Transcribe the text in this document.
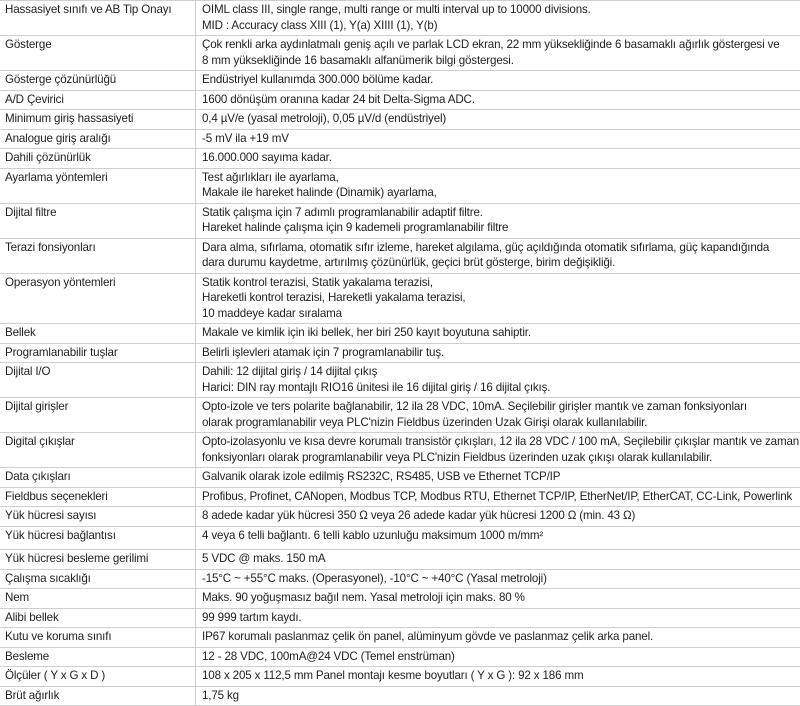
Hassasiyet sınıfı ve AB Tip Onayı	OIML class III, single range, multi range or multi interval up to 10000 divisions.
MID : Accuracy class XIII (1), Y(a) XIIII (1), Y(b)

Gösterge	Çok renkli arka aydınlatmalı geniş açılı ve parlak LCD ekran, 22 mm yüksekliğinde 6 basamaklı ağırlık göstergesi ve
8 mm yüksekliğinde 16 basamaklı alfanümerik bilgi göstergesi.

Gösterge çözünürlüğü	Endüstriyel kullanımda 300.000 bölüme kadar.

A/D Çevirici	1600 dönüşüm oranına kadar 24 bit Delta-Sigma ADC.

Minimum giriş hassasiyeti	0,4 µV/e (yasal metroloji), 0,05 µV/d (endüstriyel)

Analogue giriş aralığı	-5 mV ila +19 mV

Dahili çözünürlük	16.000.000 sayıma kadar.

Ayarlama yöntemleri	Test ağırlıkları ile ayarlama,
Makale ile hareket halinde (Dinamik) ayarlama,

Dijital filtre	Statik çalışma için 7 adımlı programlanabilir adaptif filtre.
Hareket halinde çalışma için 9 kademeli programlanabilir filtre

Terazi fonsiyonları	Dara alma, sıfırlama, otomatik sıfır izleme, hareket algılama, güç açıldığında otomatik sıfırlama, güç kapandığında
dara durumu kaydetme, artırılmış çözünürlük, geçici brüt gösterge, birim değişikliği.

Operasyon yöntemleri	Statik kontrol terazisi, Statik yakalama terazisi,
Hareketli kontrol terazisi, Hareketli yakalama terazisi,
10 maddeye kadar sıralama

Bellek	Makale ve kimlik için iki bellek, her biri 250 kayıt boyutuna sahiptir.

Programlanabilir tuşlar	Belirli işlevleri atamak için 7 programlanabilir tuş.

Dijital I/O	Dahili: 12 dijital giriş / 14 dijital çıkış
Harici: DIN ray montajlı RIO16 ünitesi ile 16 dijital giriş / 16 dijital çıkış.

Dijital girişler	Opto-izole ve ters polarite bağlanabilir, 12 ila 28 VDC, 10mA. Seçilebilir girişler mantık ve zaman fonksiyonları
olarak programlanabilir veya PLC'nizin Fieldbus üzerinden Uzak Girişi olarak kullanılabilir.

Digital çıkışlar	Opto-izolasyonlu ve kısa devre korumalı transistör çıkışları, 12 ila 28 VDC / 100 mA, Seçilebilir çıkışlar mantık ve zaman
fonksiyonları olarak programlanabilir veya PLC'nizin Fieldbus üzerinden uzak çıkışı olarak kullanılabilir.

Data çıkışları	Galvanik olarak izole edilmiş RS232C, RS485, USB ve Ethernet TCP/IP

Fieldbus seçenekleri	Profibus, Profinet, CANopen, Modbus TCP, Modbus RTU, Ethernet TCP/IP, EtherNet/IP, EtherCAT, CC-Link, Powerlink

Yük hücresi sayısı	8 adede kadar yük hücresi 350 Ω veya 26 adede kadar yük hücresi 1200 Ω (min. 43 Ω)

Yük hücresi bağlantısı	4 veya 6 telli bağlantı. 6 telli kablo uzunluğu maksimum 1000 m/mm²

Yük hücresi besleme gerilimi	5 VDC @ maks. 150 mA

Çalışma sıcaklığı	-15°C ~ +55°C maks. (Operasyonel), -10°C ~ +40°C (Yasal metroloji)

Nem	Maks. 90 yoğuşmasız bağıl nem. Yasal metroloji için maks. 80 %

Alibi bellek	99 999 tartım kaydı.

Kutu ve koruma sınıfı	IP67 korumalı paslanmaz çelik ön panel, alüminyum gövde ve paslanmaz çelik arka panel.

Besleme	12 - 28 VDC, 100mA@24 VDC (Temel enstrüman)

Ölçüler ( Y x G x D )	108 x 205 x 112,5 mm Panel montajı kesme boyutları ( Y x G ): 92 x 186 mm

Brüt ağırlık	1,75 kg
